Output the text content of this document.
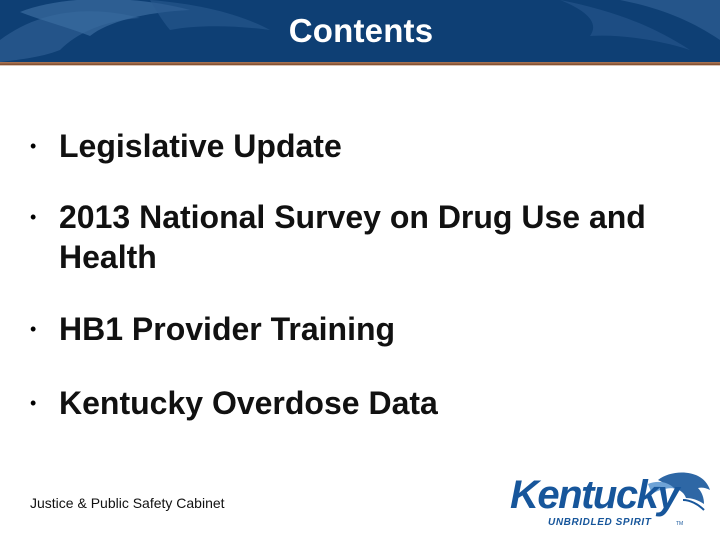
Contents
• Legislative Update
• 2013 National Survey on Drug Use and Health
• HB1 Provider Training
• Kentucky Overdose Data
Justice & Public Safety Cabinet	Kentucky
UNBRIDLED SPIRIT	TM
